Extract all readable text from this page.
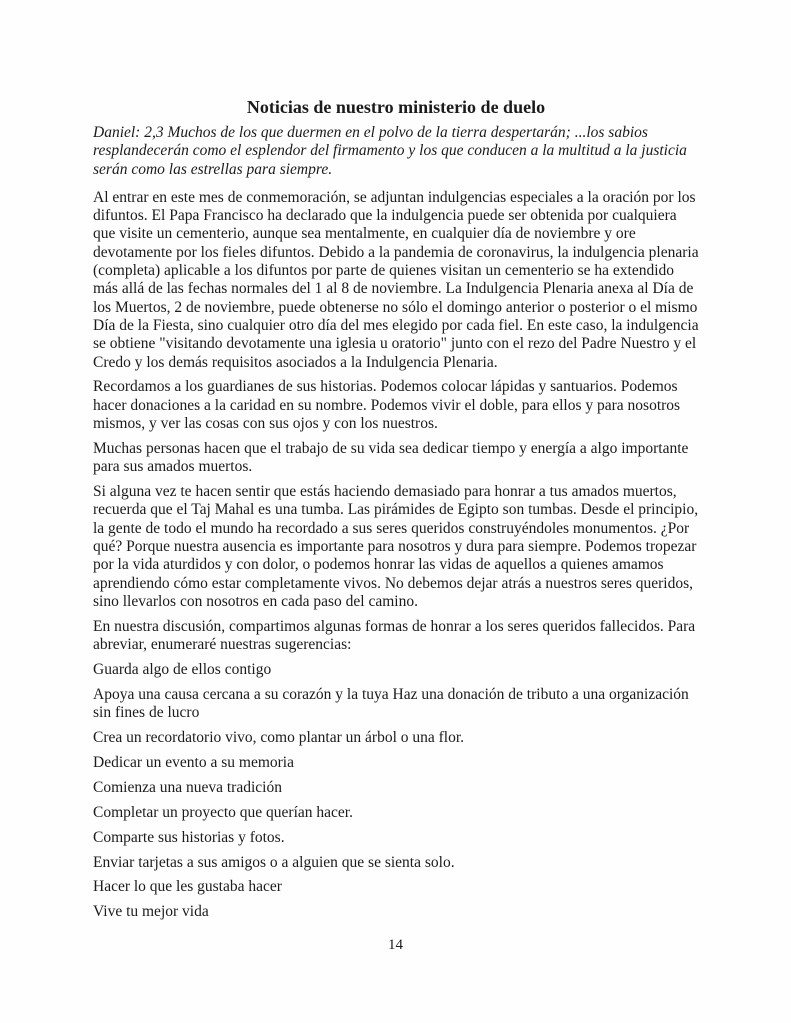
Noticias de nuestro ministerio de duelo

Daniel: 2,3 Muchos de los que duermen en el polvo de la tierra despertarán; ...los sabios resplandecerán como el esplendor del firmamento y los que conducen a la multitud a la justicia serán como las estrellas para siempre.

Al entrar en este mes de conmemoración, se adjuntan indulgencias especiales a la oración por los difuntos. El Papa Francisco ha declarado que la indulgencia puede ser obtenida por cualquiera que visite un cementerio, aunque sea mentalmente, en cualquier día de noviembre y ore devotamente por los fieles difuntos. Debido a la pandemia de coronavirus, la indulgencia plenaria (completa) aplicable a los difuntos por parte de quienes visitan un cementerio se ha extendido más allá de las fechas normales del 1 al 8 de noviembre. La Indulgencia Plenaria anexa al Día de los Muertos, 2 de noviembre, puede obtenerse no sólo el domingo anterior o posterior o el mismo Día de la Fiesta, sino cualquier otro día del mes elegido por cada fiel. En este caso, la indulgencia se obtiene "visitando devotamente una iglesia u oratorio" junto con el rezo del Padre Nuestro y el Credo y los demás requisitos asociados a la Indulgencia Plenaria.

Recordamos a los guardianes de sus historias. Podemos colocar lápidas y santuarios. Podemos hacer donaciones a la caridad en su nombre. Podemos vivir el doble, para ellos y para nosotros mismos, y ver las cosas con sus ojos y con los nuestros.

Muchas personas hacen que el trabajo de su vida sea dedicar tiempo y energía a algo importante para sus amados muertos.

Si alguna vez te hacen sentir que estás haciendo demasiado para honrar a tus amados muertos, recuerda que el Taj Mahal es una tumba. Las pirámides de Egipto son tumbas. Desde el principio, la gente de todo el mundo ha recordado a sus seres queridos construyéndoles monumentos. ¿Por qué? Porque nuestra ausencia es importante para nosotros y dura para siempre. Podemos tropezar por la vida aturdidos y con dolor, o podemos honrar las vidas de aquellos a quienes amamos aprendiendo cómo estar completamente vivos. No debemos dejar atrás a nuestros seres queridos, sino llevarlos con nosotros en cada paso del camino.

En nuestra discusión, compartimos algunas formas de honrar a los seres queridos fallecidos. Para abreviar, enumeraré nuestras sugerencias:

Guarda algo de ellos contigo

Apoya una causa cercana a su corazón y la tuya Haz una donación de tributo a una organización sin fines de lucro

Crea un recordatorio vivo, como plantar un árbol o una flor.

Dedicar un evento a su memoria

Comienza una nueva tradición

Completar un proyecto que querían hacer.

Comparte sus historias y fotos.

Enviar tarjetas a sus amigos o a alguien que se sienta solo.

Hacer lo que les gustaba hacer

Vive tu mejor vida

14
